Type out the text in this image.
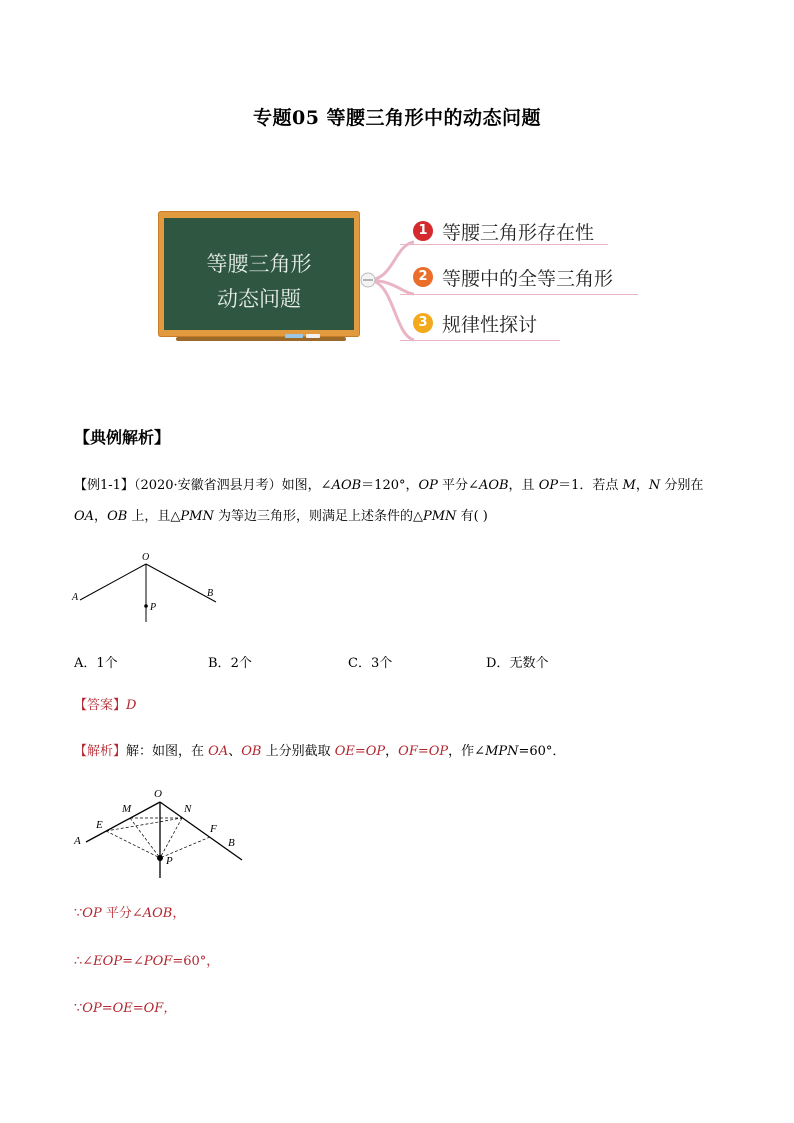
专题05 等腰三角形中的动态问题
等腰三角形
动态问题
1 等腰三角形存在性
2 等腰中的全等三角形
3 规律性探讨
【典例解析】
【例1-1】（2020·安徽省泗县月考）如图，∠AOB＝120°，OP 平分∠AOB，且 OP＝1．若点 M，N 分别在
OA，OB 上，且△PMN 为等边三角形，则满足上述条件的△PMN 有( )
O
A	B
P
A．1个	B．2个	C．3个	D．无数个
【答案】D
【解析】解：如图，在 OA、OB 上分别截取 OE=OP，OF=OP，作∠MPN=60°．
O
A	B
P
M	N
E	F
∵OP 平分∠AOB，
∴∠EOP=∠POF=60°，
∵OP=OE=OF，
